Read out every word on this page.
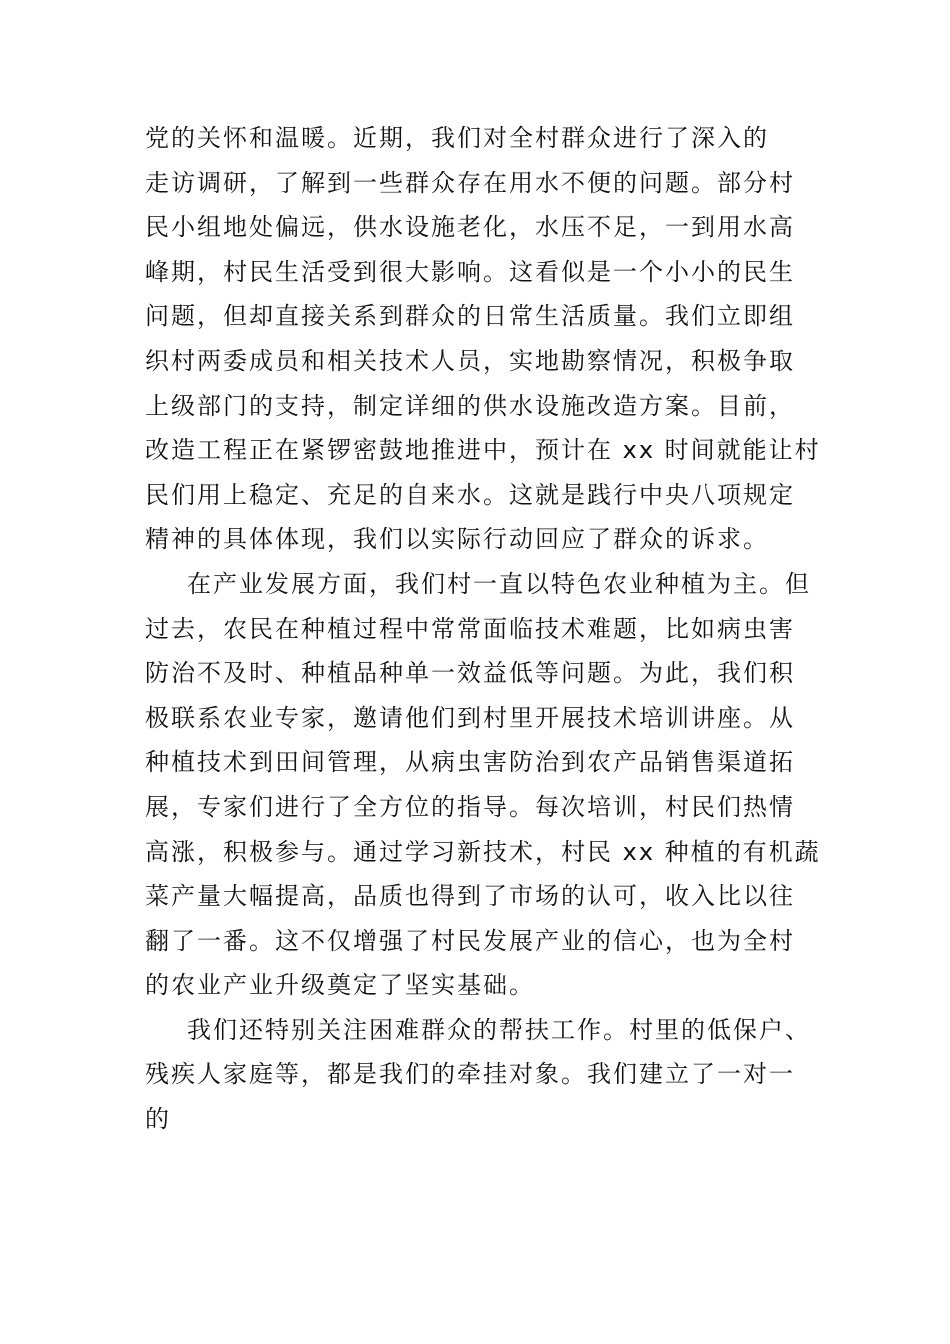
党的关怀和温暖。近期，我们对全村群众进行了深入的
走访调研，了解到一些群众存在用水不便的问题。部分村
民小组地处偏远，供水设施老化，水压不足，一到用水高
峰期，村民生活受到很大影响。这看似是一个小小的民生
问题，但却直接关系到群众的日常生活质量。我们立即组
织村两委成员和相关技术人员，实地勘察情况，积极争取
上级部门的支持，制定详细的供水设施改造方案。目前，
改造工程正在紧锣密鼓地推进中，预计在 xx 时间就能让村
民们用上稳定、充足的自来水。这就是践行中央八项规定
精神的具体体现，我们以实际行动回应了群众的诉求。
在产业发展方面，我们村一直以特色农业种植为主。但
过去，农民在种植过程中常常面临技术难题，比如病虫害
防治不及时、种植品种单一效益低等问题。为此，我们积
极联系农业专家，邀请他们到村里开展技术培训讲座。从
种植技术到田间管理，从病虫害防治到农产品销售渠道拓
展，专家们进行了全方位的指导。每次培训，村民们热情
高涨，积极参与。通过学习新技术，村民 xx 种植的有机蔬
菜产量大幅提高，品质也得到了市场的认可，收入比以往
翻了一番。这不仅增强了村民发展产业的信心，也为全村
的农业产业升级奠定了坚实基础。
我们还特别关注困难群众的帮扶工作。村里的低保户、
残疾人家庭等，都是我们的牵挂对象。我们建立了一对一
的
